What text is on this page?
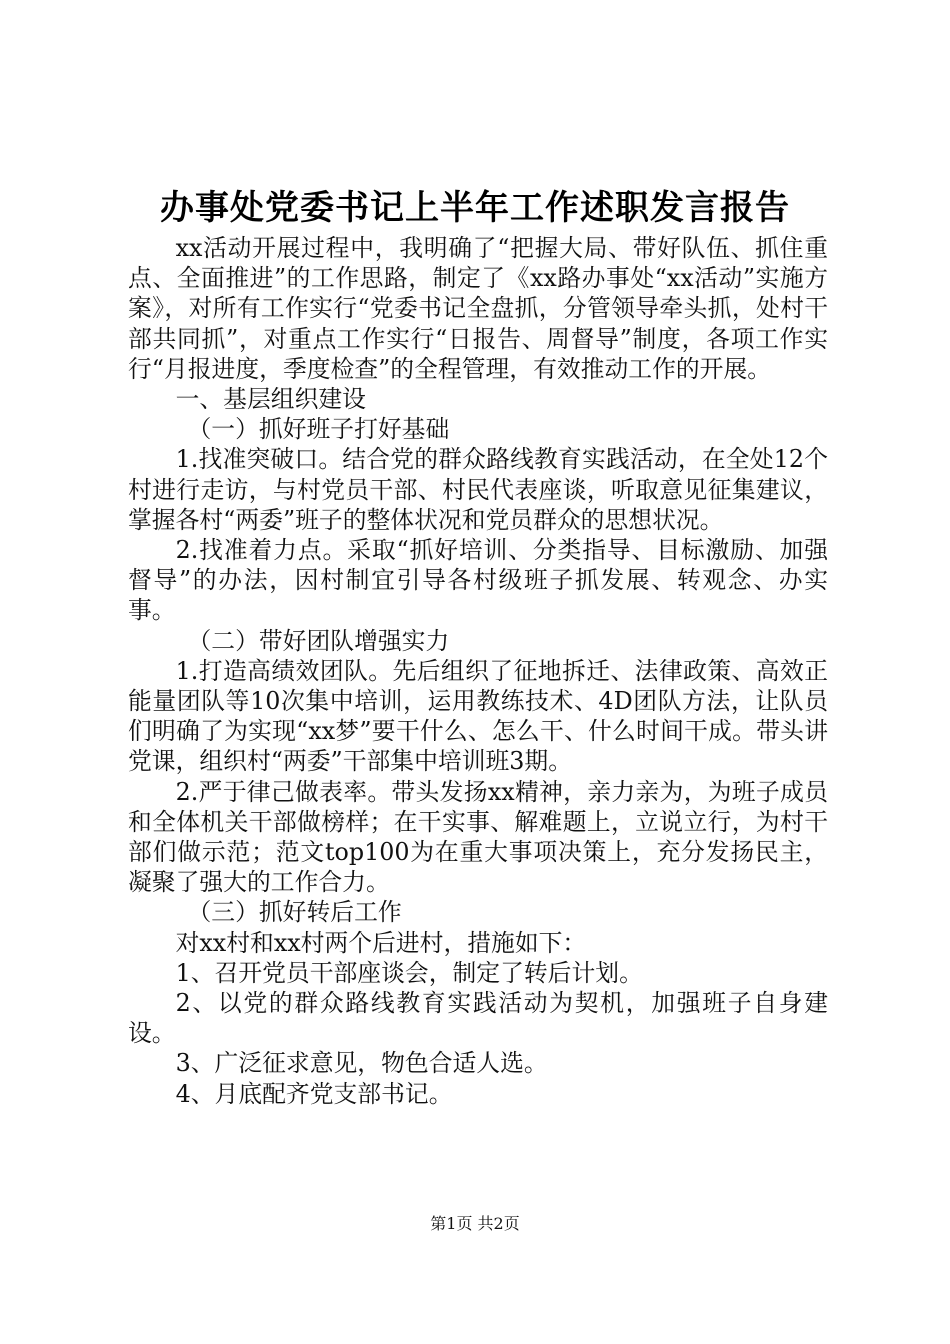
办事处党委书记上半年工作述职发言报告

xx活动开展过程中，我明确了“把握大局、带好队伍、抓住重点、全面推进”的工作思路，制定了《xx路办事处“xx活动”实施方案》，对所有工作实行“党委书记全盘抓，分管领导牵头抓，处村干部共同抓”，对重点工作实行“日报告、周督导”制度，各项工作实行“月报进度，季度检查”的全程管理，有效推动工作的开展。

一、基层组织建设

（一）抓好班子打好基础

1.找准突破口。结合党的群众路线教育实践活动，在全处12个村进行走访，与村党员干部、村民代表座谈，听取意见征集建议，掌握各村“两委”班子的整体状况和党员群众的思想状况。

2.找准着力点。采取“抓好培训、分类指导、目标激励、加强督导”的办法，因村制宜引导各村级班子抓发展、转观念、办实事。

（二）带好团队增强实力

1.打造高绩效团队。先后组织了征地拆迁、法律政策、高效正能量团队等10次集中培训，运用教练技术、4D团队方法，让队员们明确了为实现“xx梦”要干什么、怎么干、什么时间干成。带头讲党课，组织村“两委”干部集中培训班3期。

2.严于律己做表率。带头发扬xx精神，亲力亲为，为班子成员和全体机关干部做榜样；在干实事、解难题上，立说立行，为村干部们做示范；范文top100为在重大事项决策上，充分发扬民主，凝聚了强大的工作合力。

（三）抓好转后工作

对xx村和xx村两个后进村，措施如下：

1、召开党员干部座谈会，制定了转后计划。

2、以党的群众路线教育实践活动为契机，加强班子自身建设。

3、广泛征求意见，物色合适人选。

4、月底配齐党支部书记。

第1页 共2页
